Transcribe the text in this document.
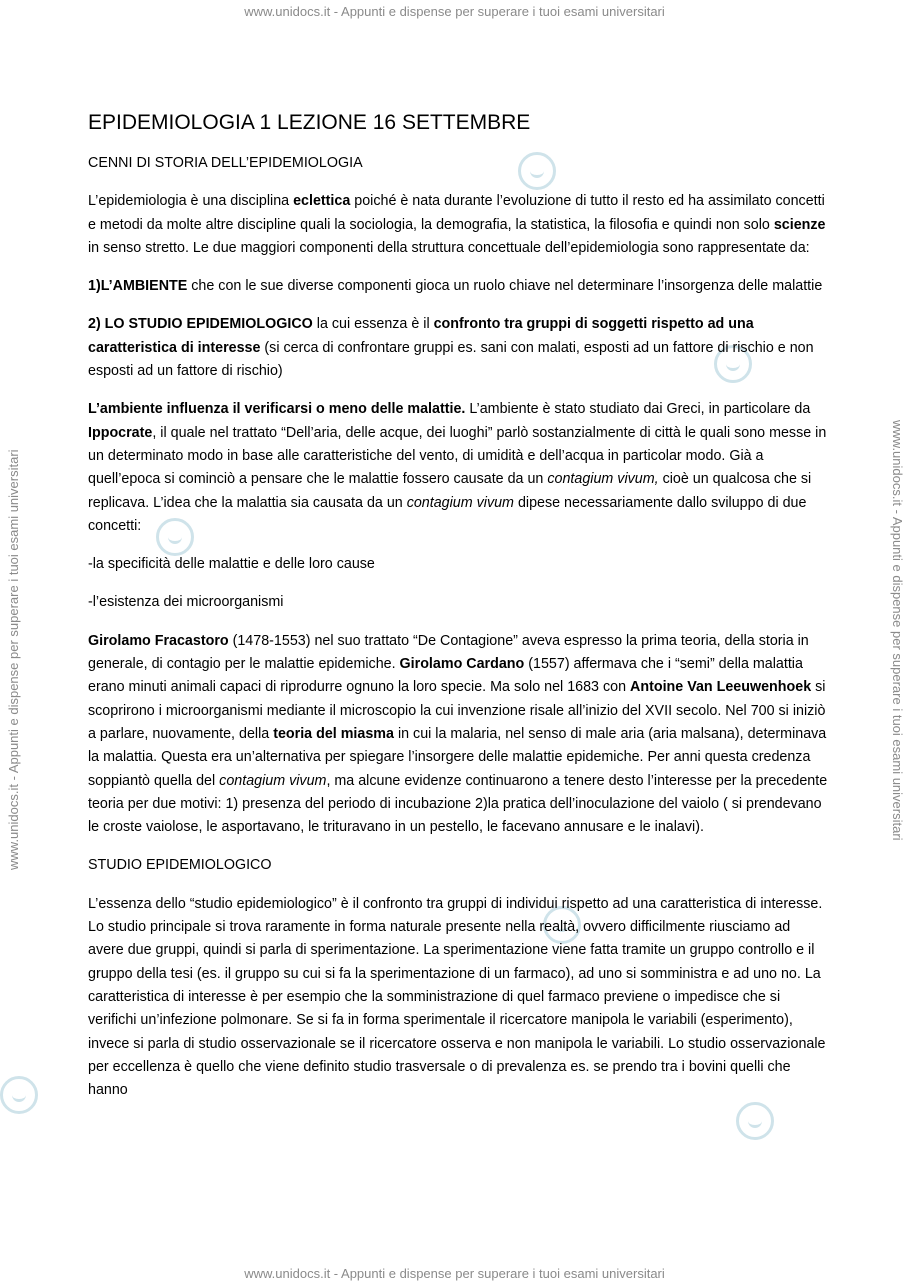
www.unidocs.it - Appunti e dispense per superare i tuoi esami universitari
www.unidocs.it - Appunti e dispense per superare i tuoi esami universitari
www.unidocs.it - Appunti e dispense per superare i tuoi esami universitari	www.unidocs.it - Appunti e dispense per superare i tuoi esami universitari
EPIDEMIOLOGIA 1 LEZIONE 16 SETTEMBRE

CENNI DI STORIA DELL’EPIDEMIOLOGIA

L’epidemiologia è una disciplina eclettica poiché è nata durante l’evoluzione di tutto il resto ed ha assimilato concetti e metodi da molte altre discipline quali la sociologia, la demografia, la statistica, la filosofia e quindi non solo scienze in senso stretto. Le due maggiori componenti della struttura concettuale dell’epidemiologia sono rappresentate da:

1)L’AMBIENTE che con le sue diverse componenti gioca un ruolo chiave nel determinare l’insorgenza delle malattie

2) LO STUDIO EPIDEMIOLOGICO la cui essenza è il confronto tra gruppi di soggetti rispetto ad una caratteristica di interesse (si cerca di confrontare gruppi es. sani con malati, esposti ad un fattore di rischio e non esposti ad un fattore di rischio)

L’ambiente influenza il verificarsi o meno delle malattie. L’ambiente è stato studiato dai Greci, in particolare da Ippocrate, il quale nel trattato “Dell’aria, delle acque, dei luoghi” parlò sostanzialmente di città le quali sono messe in un determinato modo in base alle caratteristiche del vento, di umidità e dell’acqua in particolar modo. Già a quell’epoca si cominciò a pensare che le malattie fossero causate da un contagium vivum, cioè un qualcosa che si replicava. L’idea che la malattia sia causata da un contagium vivum dipese necessariamente dallo sviluppo di due concetti:

-la specificità delle malattie e delle loro cause

-l’esistenza dei microorganismi

Girolamo Fracastoro (1478-1553) nel suo trattato “De Contagione” aveva espresso la prima teoria, della storia in generale, di contagio per le malattie epidemiche. Girolamo Cardano (1557) affermava che i “semi” della malattia erano minuti animali capaci di riprodurre ognuno la loro specie. Ma solo nel 1683 con Antoine Van Leeuwenhoek si scoprirono i microorganismi mediante il microscopio la cui invenzione risale all’inizio del XVII secolo. Nel 700 si iniziò a parlare, nuovamente, della teoria del miasma in cui la malaria, nel senso di male aria (aria malsana), determinava la malattia. Questa era un’alternativa per spiegare l’insorgere delle malattie epidemiche. Per anni questa credenza soppiantò quella del contagium vivum, ma alcune evidenze continuarono a tenere desto l’interesse per la precedente teoria per due motivi: 1) presenza del periodo di incubazione 2)la pratica dell’inoculazione del vaiolo ( si prendevano le croste vaiolose, le asportavano, le trituravano in un pestello, le facevano annusare e le inalavi).

STUDIO EPIDEMIOLOGICO

L’essenza dello “studio epidemiologico” è il confronto tra gruppi di individui rispetto ad una caratteristica di interesse. Lo studio principale si trova raramente in forma naturale presente nella realtà, ovvero difficilmente riusciamo ad avere due gruppi, quindi si parla di sperimentazione. La sperimentazione viene fatta tramite un gruppo controllo e il gruppo della tesi (es. il gruppo su cui si fa la sperimentazione di un farmaco), ad uno si somministra e ad uno no. La caratteristica di interesse è per esempio che la somministrazione di quel farmaco previene o impedisce che si verifichi un’infezione polmonare. Se si fa in forma sperimentale il ricercatore manipola le variabili (esperimento), invece si parla di studio osservazionale se il ricercatore osserva e non manipola le variabili. Lo studio osservazionale per eccellenza è quello che viene definito studio trasversale o di prevalenza es. se prendo tra i bovini quelli che hanno
